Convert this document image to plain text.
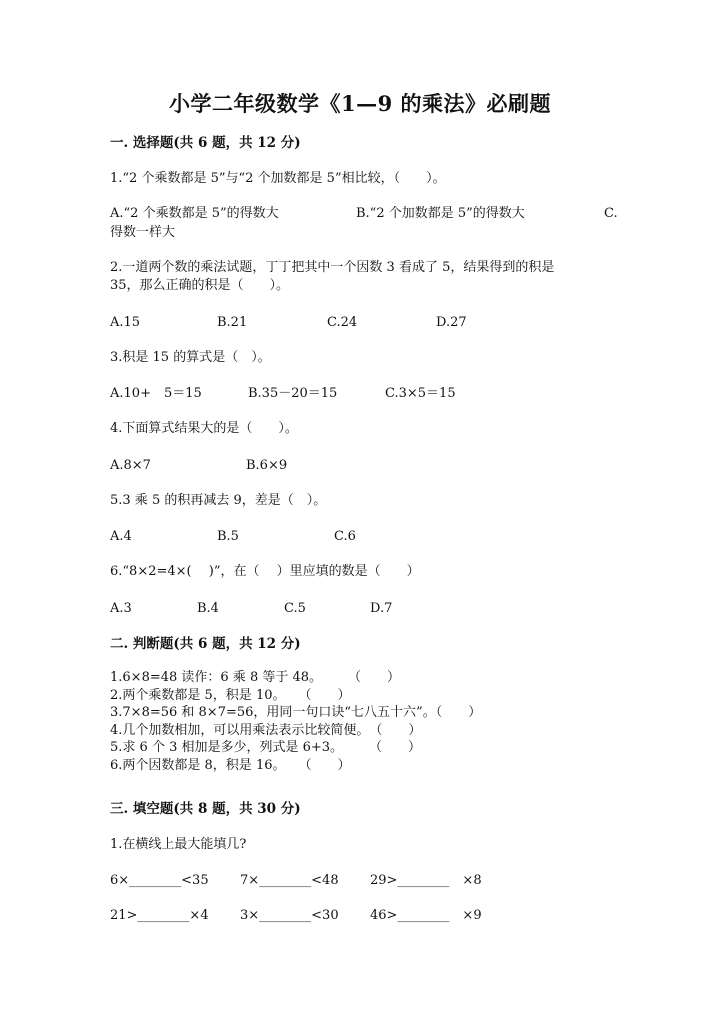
小学二年级数学《1—9 的乘法》必刷题
一. 选择题(共 6 题，共 12 分)
1.“2 个乘数都是 5”与“2 个加数都是 5”相比较，（　　）。
A.“2 个乘数都是 5”的得数大	B.“2 个加数都是 5”的得数大	C.
得数一样大
2.一道两个数的乘法试题，丁丁把其中一个因数 3 看成了 5，结果得到的积是
35，那么正确的积是（　　）。
A.15	B.21	C.24	D.27
3.积是 15 的算式是（　）。
A.10+　5＝15	B.35－20＝15	C.3×5＝15
4.下面算式结果大的是（　　）。
A.8×7	B.6×9
5.3 乘 5 的积再减去 9，差是（　）。
A.4	B.5	C.6
6.“8×2=4×(　 )”，在（　 ）里应填的数是（　　）
A.3	B.4	C.5	D.7
二. 判断题(共 6 题，共 12 分)
1.6×8=48 读作：6 乘 8 等于 48。　　　（　　）
2.两个乘数都是 5，积是 10。　　（　　）
3.7×8=56 和 8×7=56，用同一句口诀“七八五十六”。（　　）
4.几个加数相加，可以用乘法表示比较简便。　（　　）
5.求 6 个 3 相加是多少，列式是 6+3。　　　（　　）
6.两个因数都是 8，积是 16。　　（　　）
三. 填空题(共 8 题，共 30 分)
1.在横线上最大能填几?
6×________<35 7×________<48 29>________　×8
21>________×4 3×________<30 46>________　×9
